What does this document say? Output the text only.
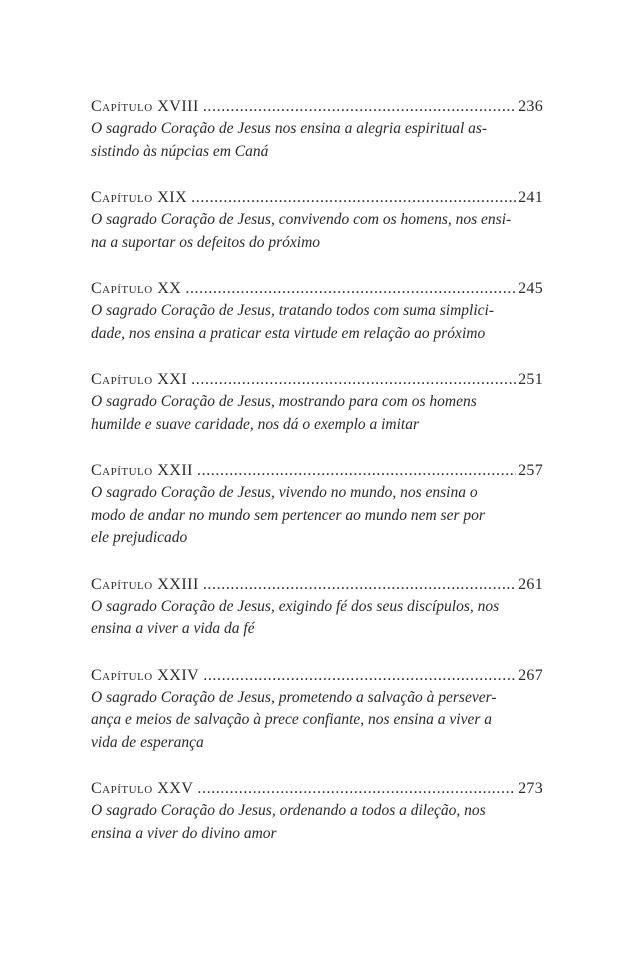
Capítulo XVIII .....	236

O sagrado Coração de Jesus nos ensina a alegria espiritual as-
sistindo às núpcias em Caná

Capítulo XIX .....	241

O sagrado Coração de Jesus, convivendo com os homens, nos ensi-
na a suportar os defeitos do próximo

Capítulo XX .....	245

O sagrado Coração de Jesus, tratando todos com suma simplici-
dade, nos ensina a praticar esta virtude em relação ao próximo

Capítulo XXI .....	251

O sagrado Coração de Jesus, mostrando para com os homens
humilde e suave caridade, nos dá o exemplo a imitar

Capítulo XXII .....	257

O sagrado Coração de Jesus, vivendo no mundo, nos ensina o
modo de andar no mundo sem pertencer ao mundo nem ser por
ele prejudicado

Capítulo XXIII .....	261

O sagrado Coração de Jesus, exigindo fé dos seus discípulos, nos
ensina a viver a vida da fé

Capítulo XXIV .....	267

O sagrado Coração de Jesus, prometendo a salvação à persever-
ança e meios de salvação à prece confiante, nos ensina a viver a
vida de esperança

Capítulo XXV .....	273

O sagrado Coração do Jesus, ordenando a todos a dileção, nos
ensina a viver do divino amor
